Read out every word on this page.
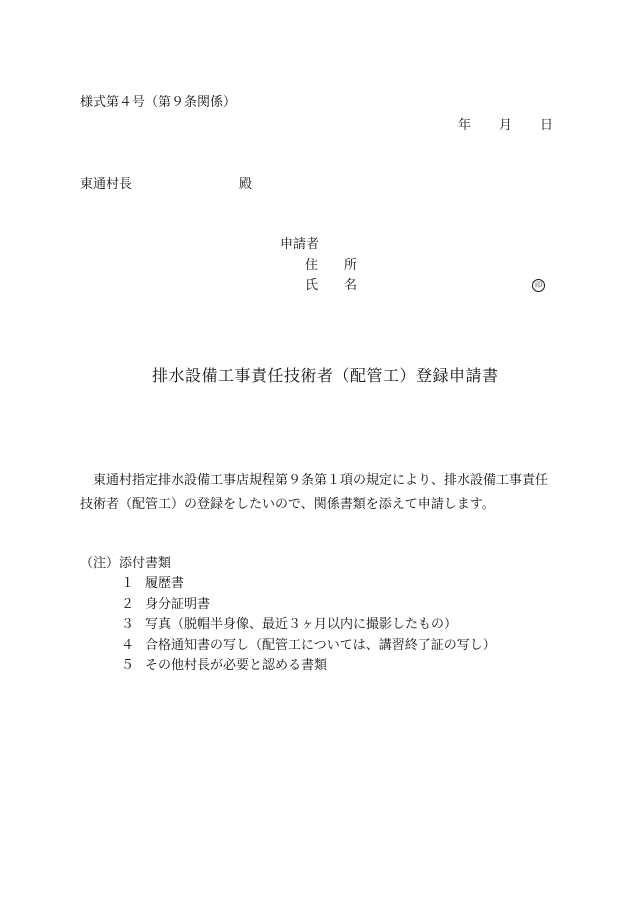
様式第４号（第９条関係）
年 月 日
東通村長	殿
申請者
住 所
氏 名	印
排水設備工事責任技術者（配管工）登録申請書

東通村指定排水設備工事店規程第９条第１項の規定により、排水設備工事責任技術者（配管工）の登録をしたいので、関係書類を添えて申請します。

（注）添付書類
１ 履歴書
２ 身分証明書
３ 写真（脱帽半身像、最近３ヶ月以内に撮影したもの）
４ 合格通知書の写し（配管工については、講習終了証の写し）
５ その他村長が必要と認める書類
